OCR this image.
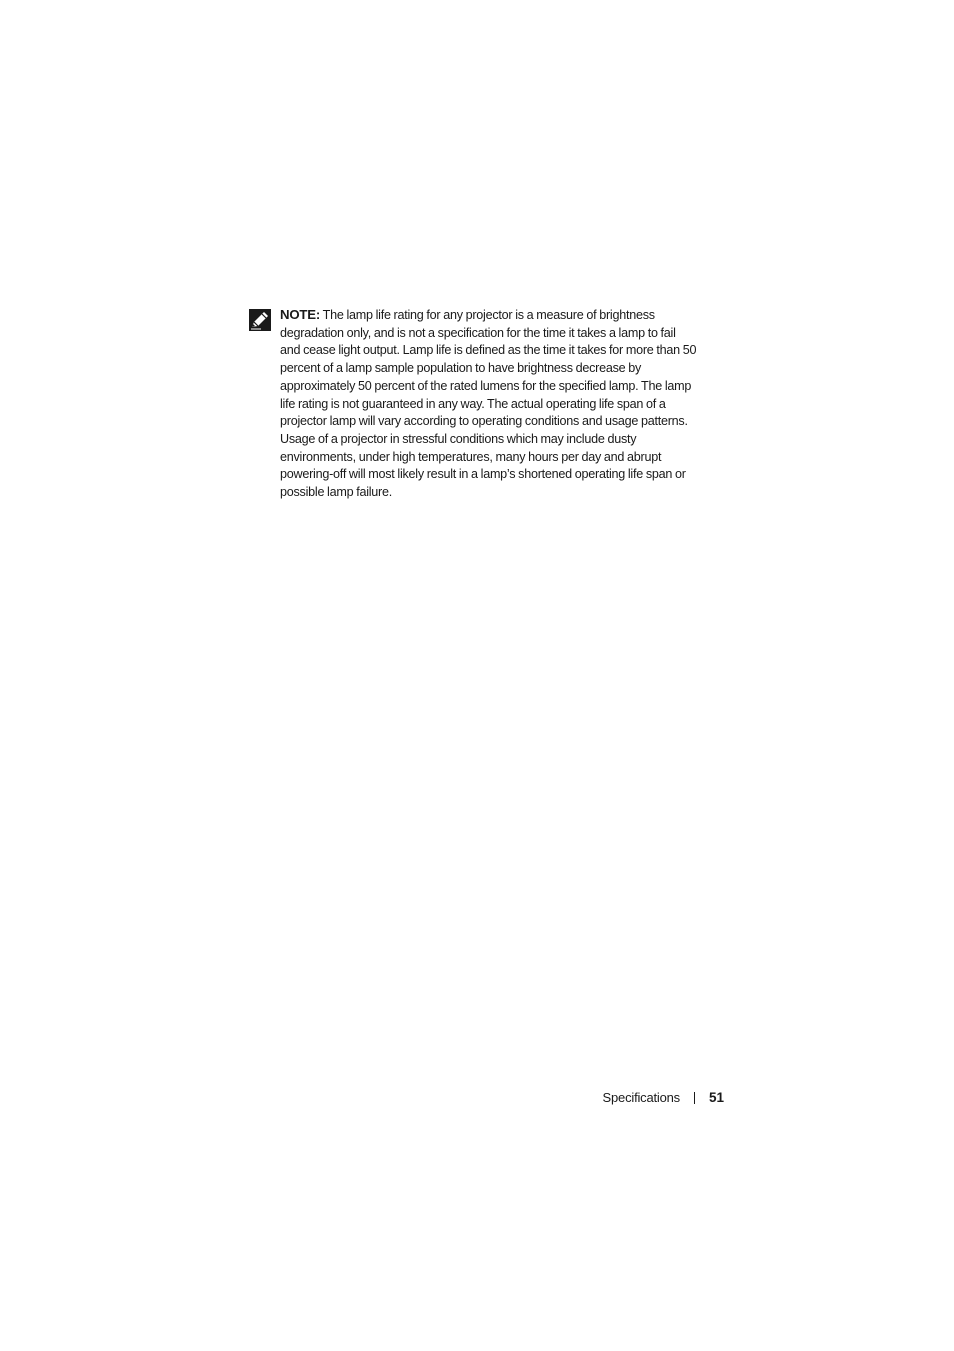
NOTE: The lamp life rating for any projector is a measure of brightness
degradation only, and is not a specification for the time it takes a lamp to fail
and cease light output. Lamp life is defined as the time it takes for more than 50
percent of a lamp sample population to have brightness decrease by
approximately 50 percent of the rated lumens for the specified lamp. The lamp
life rating is not guaranteed in any way. The actual operating life span of a
projector lamp will vary according to operating conditions and usage patterns.
Usage of a projector in stressful conditions which may include dusty
environments, under high temperatures, many hours per day and abrupt
powering-off will most likely result in a lamp’s shortened operating life span or
possible lamp failure.
Specifications 51
